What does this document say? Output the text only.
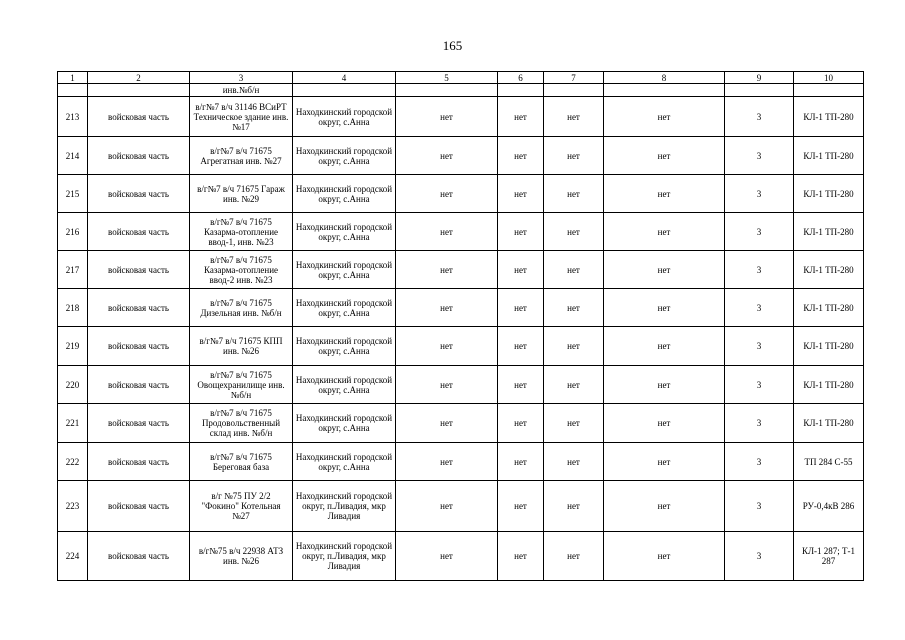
165
1	2	3	4	5	6	7	8	9	10
		инв.№б/н							
213	войсковая часть	в/г№7 в/ч 31146 ВСиРТ Техническое здание инв.№17	Находкинский городской округ, с.Анна	нет	нет	нет	нет	3	КЛ-1 ТП-280
214	войсковая часть	в/г№7 в/ч 71675 Агрегатная инв. №27	Находкинский городской округ, с.Анна	нет	нет	нет	нет	3	КЛ-1 ТП-280
215	войсковая часть	в/г№7 в/ч 71675 Гараж инв. №29	Находкинский городской округ, с.Анна	нет	нет	нет	нет	3	КЛ-1 ТП-280
216	войсковая часть	в/г№7 в/ч 71675 Казарма-отопление ввод-1, инв. №23	Находкинский городской округ, с.Анна	нет	нет	нет	нет	3	КЛ-1 ТП-280
217	войсковая часть	в/г№7 в/ч 71675 Казарма-отопление ввод-2 инв. №23	Находкинский городской округ, с.Анна	нет	нет	нет	нет	3	КЛ-1 ТП-280
218	войсковая часть	в/г№7 в/ч 71675 Дизельная инв. №б/н	Находкинский городской округ, с.Анна	нет	нет	нет	нет	3	КЛ-1 ТП-280
219	войсковая часть	в/г№7 в/ч 71675 КПП инв. №26	Находкинский городской округ, с.Анна	нет	нет	нет	нет	3	КЛ-1 ТП-280
220	войсковая часть	в/г№7 в/ч 71675 Овощехранилище инв. №б/н	Находкинский городской округ, с.Анна	нет	нет	нет	нет	3	КЛ-1 ТП-280
221	войсковая часть	в/г№7 в/ч 71675 Продовольственный склад инв. №б/н	Находкинский городской округ, с.Анна	нет	нет	нет	нет	3	КЛ-1 ТП-280
222	войсковая часть	в/г№7 в/ч 71675 Береговая база	Находкинский городской округ, с.Анна	нет	нет	нет	нет	3	ТП 284 С-55
223	войсковая часть	в/г №75 ПУ 2/2 "Фокино" Котельная №27	Находкинский городской округ, п.Ливадия, мкр Ливадия	нет	нет	нет	нет	3	РУ-0,4кВ 286
224	войсковая часть	в/г№75 в/ч 22938 АТЗ инв. №26	Находкинский городской округ, п.Ливадия, мкр Ливадия	нет	нет	нет	нет	3	КЛ-1 287; Т-1 287
